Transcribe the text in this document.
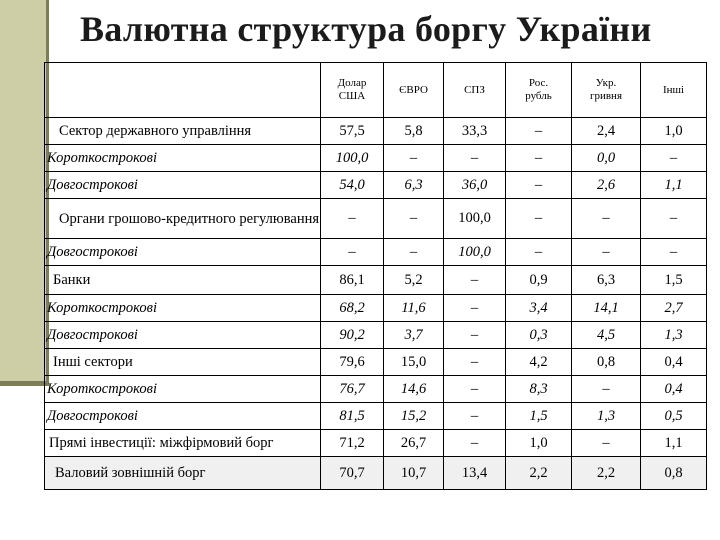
Валютна структура боргу України
	Долар США	ЄВРО	СПЗ	Рос. рубль	Укр. гривня	Інші
Сектор державного управління	57,5	5,8	33,3	–	2,4	1,0
Короткострокові	100,0	–	–	–	0,0	–
Довгострокові	54,0	6,3	36,0	–	2,6	1,1
Органи грошово-кредитного регулювання	–	–	100,0	–	–	–
Довгострокові	–	–	100,0	–	–	–
Банки	86,1	5,2	–	0,9	6,3	1,5
Короткострокові	68,2	11,6	–	3,4	14,1	2,7
Довгострокові	90,2	3,7	–	0,3	4,5	1,3
Інші сектори	79,6	15,0	–	4,2	0,8	0,4
Короткострокові	76,7	14,6	–	8,3	–	0,4
Довгострокові	81,5	15,2	–	1,5	1,3	0,5
Прямі інвестиції: міжфірмовий борг	71,2	26,7	–	1,0	–	1,1
Валовий зовнішній борг	70,7	10,7	13,4	2,2	2,2	0,8
